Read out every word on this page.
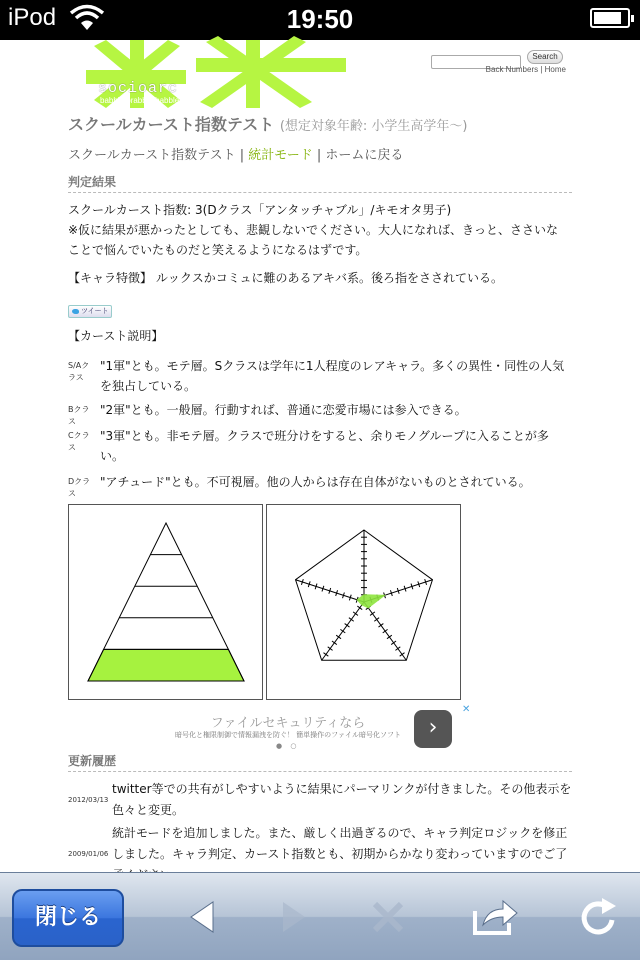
iPod	19:50
socioarc
babble brabble babble
Search
Back Numbers | Home
スクールカースト指数テスト (想定対象年齢: 小学生高学年〜)
スクールカースト指数テスト | 統計モード | ホームに戻る
判定結果
スクールカースト指数: 3(Dクラス「アンタッチャブル」/キモオタ男子)
※仮に結果が悪かったとしても、悲観しないでください。大人になれば、きっと、ささいなことで悩んでいたものだと笑えるようになるはずです。
【キャラ特徴】 ルックスかコミュに難のあるアキバ系。後ろ指をさされている。
ツイート
【カースト説明】
S/Aクラス
"1軍"とも。モテ層。Sクラスは学年に1人程度のレアキャラ。多くの異性・同性の人気を独占している。
Bクラス
"2軍"とも。一般層。行動すれば、普通に恋愛市場には参入できる。
Cクラス
"3軍"とも。非モテ層。クラスで班分けをすると、余りモノグループに入ることが多い。
Dクラス
"アチュード"とも。不可視層。他の人からは存在自体がないものとされている。
ファイルセキュリティなら
暗号化と権限制御で情報漏洩を防ぐ！ 簡単操作のファイル暗号化ソフト	›
✕
● ○
更新履歴
2012/03/13
twitter等での共有がしやすいように結果にパーマリンクが付きました。その他表示を色々と変更。
2009/01/06
統計モードを追加しました。また、厳しく出過ぎるので、キャラ判定ロジックを修正しました。キャラ判定、カースト指数とも、初期からかなり変わっていますのでご了
閉じる
